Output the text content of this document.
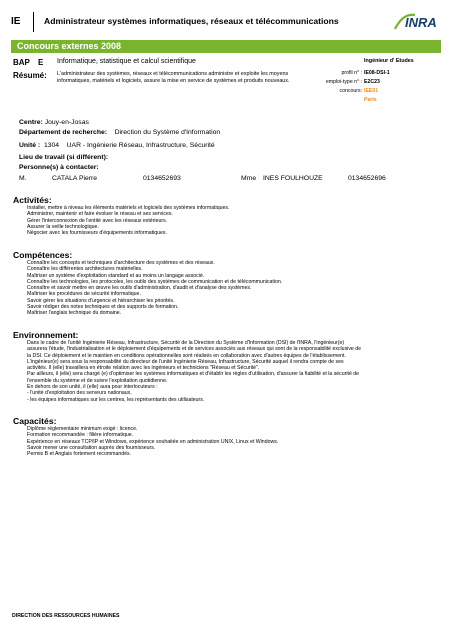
IE	Administrateur systèmes informatiques, réseaux et télécommunications	INRA
Concours externes 2008
BAP E Informatique, statistique et calcul scientifique	Ingénieur d' Etudes
Résumé: L'administrateur des systèmes, réseaux et télécommunications administre et exploite les moyens informatiques, matériels et logiciels, assure la mise en service de systèmes et produits nouveaux.
profil n° : IE08-DSI-1
emploi-type n° : E2C23
concours: IEE01
Paris
Centre: Jouy-en-Josas
Département de recherche: Direction du Système d'Information
Unité : 1304 UAR - Ingénierie Réseau, Infrastructure, Sécurité
Lieu de travail (si différent):
Personne(s) à contacter:
M.	CATALA Pierre	0134652693	Mme INES FOULHOUZE	0134652696
Activités:
Installer, mettre à niveau les éléments matériels et logiciels des systèmes informatiques.
Administrer, maintenir et faire évoluer le réseau et ses services.
Gérer l'interconnexion de l'entité avec les réseaux extérieurs.
Assurer la veille technologique.
Négocier avec les fournisseurs d'équipements informatiques.
Compétences:
Connaître les concepts et techniques d'architecture des systèmes et des réseaux.
Connaître les différentes architectures matérielles.
Maîtriser un système d'exploitation standard et au moins un langage associé.
Connaître les technologies, les protocoles, les outils des systèmes de communication et de télécommunication.
Connaître et savoir mettre en œuvre les outils d'administration, d'audit et d'analyse des systèmes.
Maîtriser les procédures de sécurité informatique.
Savoir gérer les situations d'urgence et hiérarchiser les priorités.
Savoir rédiger des notes techniques et des supports de formation.
Maîtriser l'anglais technique du domaine.
Environnement:
Dans le cadre de l'unité Ingénierie Réseau, Infrastructure, Sécurité de la Direction du Système d'Information (DSI) de l'INRA, l'ingénieur(e)
assurera l'étude, l'industrialisation et le déploiement d'équipements et de services associés aux réseaux qui sont de la responsabilité exclusive de
la DSI. Ce déploiement et le maintien en conditions opérationnelles sont réalisés en collaboration avec d'autres équipes de l'établissement.
L'ingénieur(e) sera sous la responsabilité du directeur de l'unité Ingénierie Réseau, Infrastructure, Sécurité auquel il rendra compte de ses
activités. Il (elle) travaillera en étroite relation avec les ingénieurs et techniciens "Réseau et Sécurité".
Par ailleurs, il (elle) sera chargé (e) d'optimiser les systèmes informatiques et d'établir les règles d'utilisation, d'assurer la fiabilité et la sécurité de
l'ensemble du système et de suivre l'exploitation quotidienne.
En dehors de son unité, il (elle) aura pour interlocuteurs :
- l'unité d'exploitation des serveurs nationaux,
- les équipes informatiques sur les centres, les représentants des utilisateurs.
Capacités:
Diplôme réglementaire minimum exigé : licence.
Formation recommandée : filière informatique.
Expérience en réseaux TCP/IP et Windows, expérience souhaitée en administration UNIX, Linux et Windows.
Savoir mener une consultation auprès des fournisseurs.
Permis B et Anglais fortement recommandés.
DIRECTION DES RESSOURCES HUMAINES
